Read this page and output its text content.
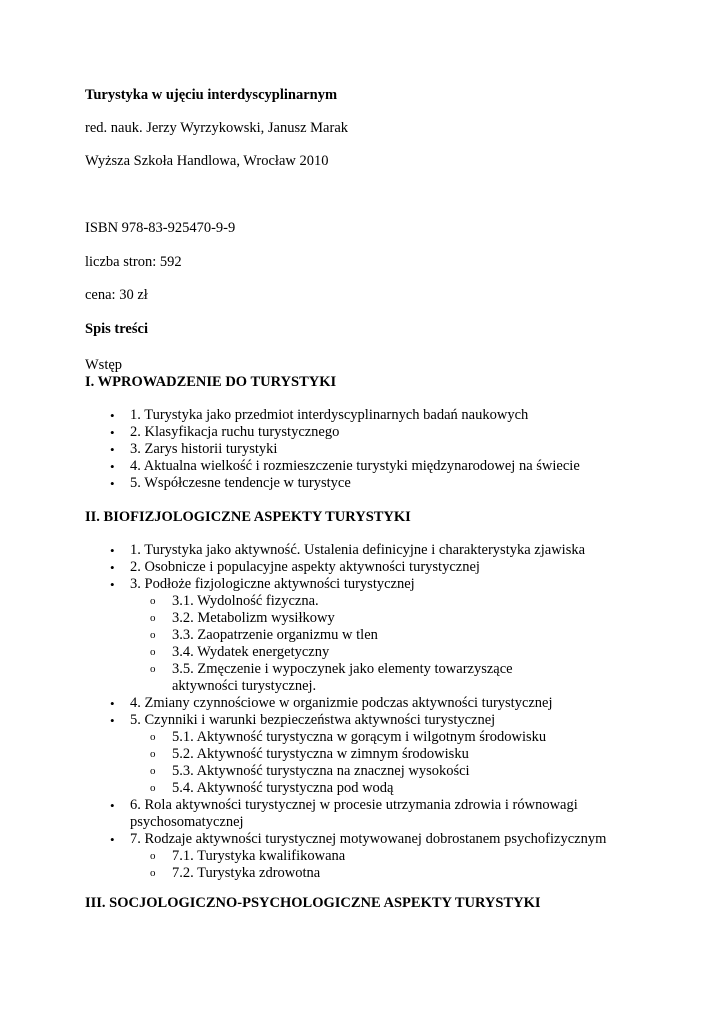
Turystyka w ujęciu interdyscyplinarnym
red. nauk. Jerzy Wyrzykowski, Janusz Marak
Wyższa Szkoła Handlowa, Wrocław 2010
ISBN 978-83-925470-9-9
liczba stron: 592
cena: 30 zł
Spis treści
Wstęp
I. WPROWADZENIE DO TURYSTYKI
• 1. Turystyka jako przedmiot interdyscyplinarnych badań naukowych
• 2. Klasyfikacja ruchu turystycznego
• 3. Zarys historii turystyki
• 4. Aktualna wielkość i rozmieszczenie turystyki międzynarodowej na świecie
• 5. Współczesne tendencje w turystyce
II. BIOFIZJOLOGICZNE ASPEKTY TURYSTYKI
• 1. Turystyka jako aktywność. Ustalenia definicyjne i charakterystyka zjawiska
• 2. Osobnicze i populacyjne aspekty aktywności turystycznej
• 3. Podłoże fizjologiczne aktywności turystycznej
o 3.1. Wydolność fizyczna.
o 3.2. Metabolizm wysiłkowy
o 3.3. Zaopatrzenie organizmu w tlen
o 3.4. Wydatek energetyczny
o 3.5. Zmęczenie i wypoczynek jako elementy towarzyszące aktywności turystycznej.
• 4. Zmiany czynnościowe w organizmie podczas aktywności turystycznej
• 5. Czynniki i warunki bezpieczeństwa aktywności turystycznej
o 5.1. Aktywność turystyczna w gorącym i wilgotnym środowisku
o 5.2. Aktywność turystyczna w zimnym środowisku
o 5.3. Aktywność turystyczna na znacznej wysokości
o 5.4. Aktywność turystyczna pod wodą
• 6. Rola aktywności turystycznej w procesie utrzymania zdrowia i równowagi psychosomatycznej
• 7. Rodzaje aktywności turystycznej motywowanej dobrostanem psychofizycznym
o 7.1. Turystyka kwalifikowana
o 7.2. Turystyka zdrowotna
III. SOCJOLOGICZNO-PSYCHOLOGICZNE ASPEKTY TURYSTYKI
